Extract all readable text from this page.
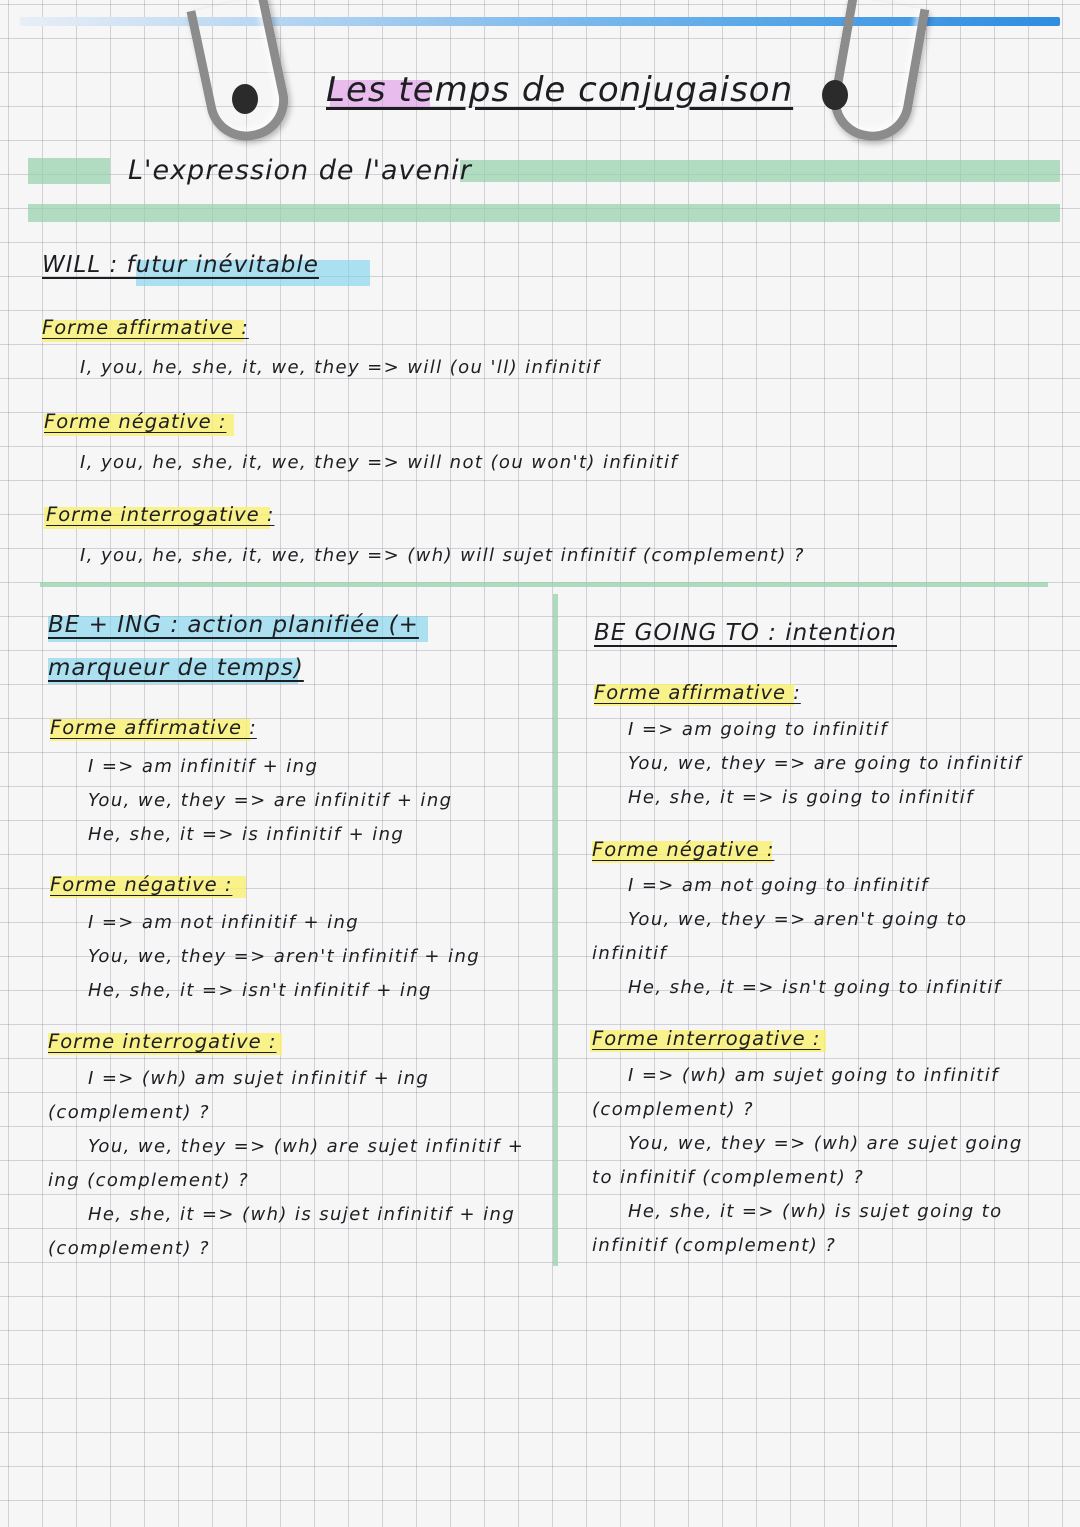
Les temps de conjugaison
L'expression de l'avenir
WILL : futur inévitable
Forme affirmative :
I, you, he, she, it, we, they => will (ou 'll) infinitif
Forme négative :
I, you, he, she, it, we, they => will not (ou won't) infinitif
Forme interrogative :
I, you, he, she, it, we, they => (wh) will sujet infinitif (complement) ?
BE + ING : action planifiée (+
marqueur de temps)
Forme affirmative :
I => am infinitif + ing
You, we, they => are infinitif + ing
He, she, it => is infinitif + ing
Forme négative :
I => am not infinitif + ing
You, we, they => aren't infinitif + ing
He, she, it => isn't infinitif + ing
Forme interrogative :
I => (wh) am sujet infinitif + ing
(complement) ?
You, we, they => (wh) are sujet infinitif +
ing (complement) ?
He, she, it => (wh) is sujet infinitif + ing
(complement) ?
BE GOING TO : intention
Forme affirmative :
I => am going to infinitif
You, we, they => are going to infinitif
He, she, it => is going to infinitif
Forme négative :
I => am not going to infinitif
You, we, they => aren't going to
infinitif
He, she, it => isn't going to infinitif
Forme interrogative :
I => (wh) am sujet going to infinitif
(complement) ?
You, we, they => (wh) are sujet going
to infinitif (complement) ?
He, she, it => (wh) is sujet going to
infinitif (complement) ?
